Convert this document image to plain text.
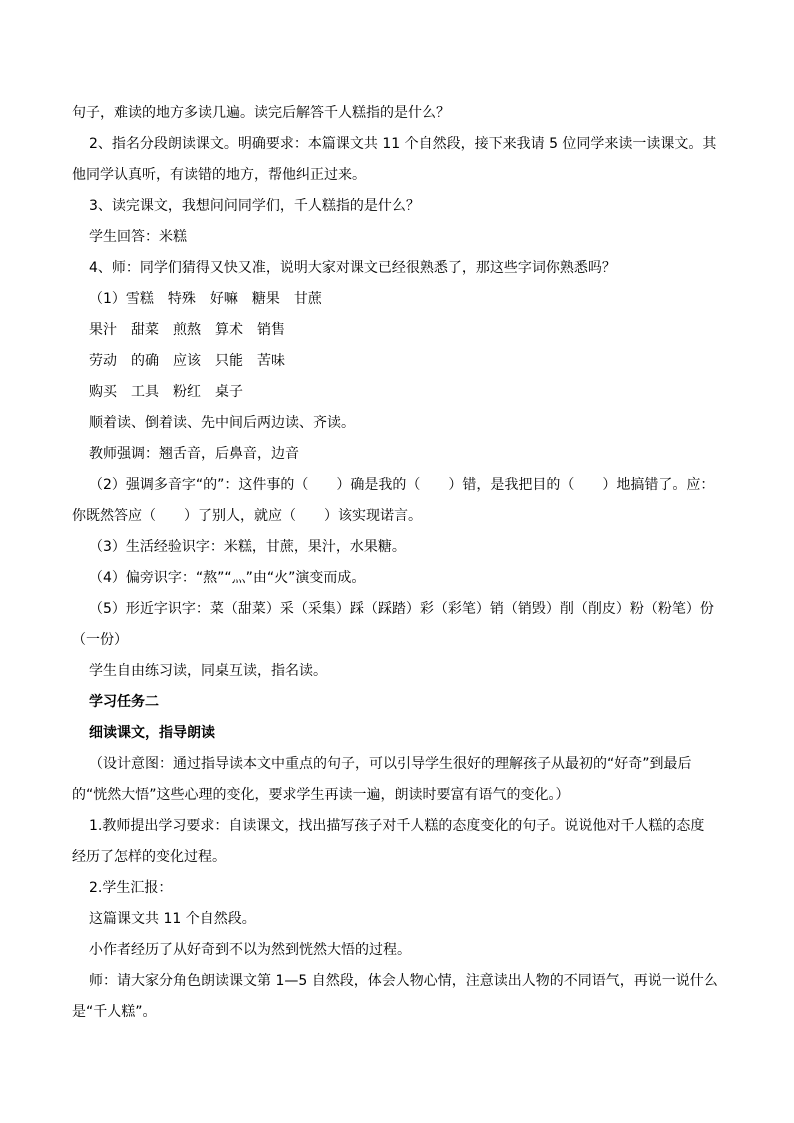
句子，难读的地方多读几遍。读完后解答千人糕指的是什么？
2、指名分段朗读课文。明确要求：本篇课文共 11 个自然段，接下来我请 5 位同学来读一读课文。其
他同学认真听，有读错的地方，帮他纠正过来。
3、读完课文，我想问问同学们，千人糕指的是什么？
学生回答：米糕
4、师：同学们猜得又快又准，说明大家对课文已经很熟悉了，那这些字词你熟悉吗？
（1）雪糕　特殊　好嘛　糖果　甘蔗
果汁　甜菜　煎熬　算术　销售
劳动　的确　应该　只能　苦味
购买　工具　粉红　桌子
顺着读、倒着读、先中间后两边读、齐读。
教师强调：翘舌音，后鼻音，边音
（2）强调多音字“的”：这件事的（　　）确是我的（　　）错，是我把目的（　　）地搞错了。应：
你既然答应（　　）了别人，就应（　　）该实现诺言。
（3）生活经验识字：米糕，甘蔗，果汁，水果糖。
（4）偏旁识字：“熬”“灬”由“火”演变而成。
（5）形近字识字：菜（甜菜）采（采集）踩（踩踏）彩（彩笔）销（销毁）削（削皮）粉（粉笔）份
（一份）
学生自由练习读，同桌互读，指名读。
学习任务二
细读课文，指导朗读
（设计意图：通过指导读本文中重点的句子，可以引导学生很好的理解孩子从最初的“好奇”到最后
的“恍然大悟”这些心理的变化，要求学生再读一遍，朗读时要富有语气的变化。）
1.教师提出学习要求：自读课文，找出描写孩子对千人糕的态度变化的句子。说说他对千人糕的态度
经历了怎样的变化过程。
2.学生汇报：
这篇课文共 11 个自然段。
小作者经历了从好奇到不以为然到恍然大悟的过程。
师：请大家分角色朗读课文第 1—5 自然段，体会人物心情，注意读出人物的不同语气，再说一说什么
是“千人糕”。
